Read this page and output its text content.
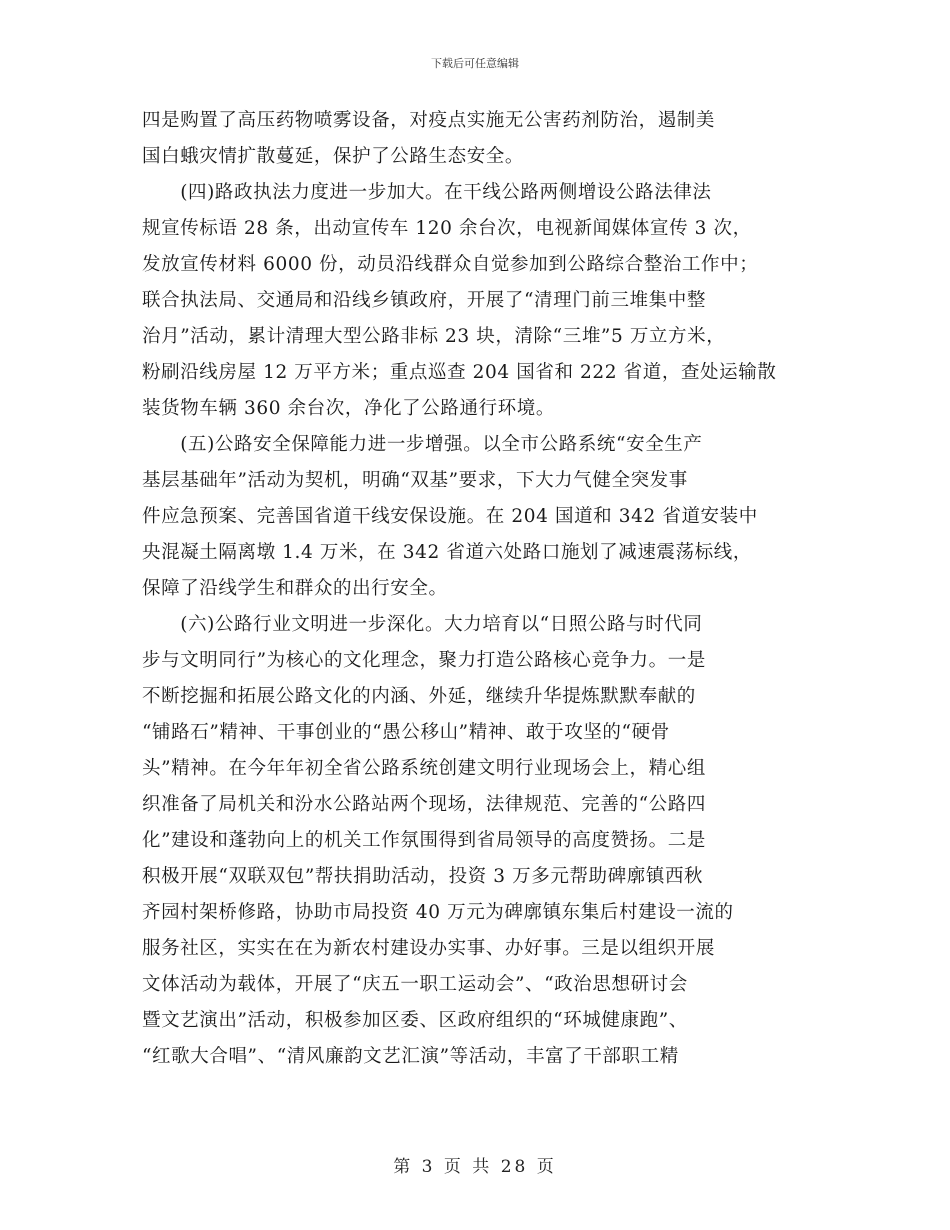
下载后可任意编辑
四是购置了高压药物喷雾设备，对疫点实施无公害药剂防治，遏制美
国白蛾灾情扩散蔓延，保护了公路生态安全。
　　(四)路政执法力度进一步加大。在干线公路两侧增设公路法律法
规宣传标语 28 条，出动宣传车 120 余台次，电视新闻媒体宣传 3 次，
发放宣传材料 6000 份，动员沿线群众自觉参加到公路综合整治工作中；
联合执法局、交通局和沿线乡镇政府，开展了“清理门前三堆集中整
治月”活动，累计清理大型公路非标 23 块，清除“三堆”5 万立方米，
粉刷沿线房屋 12 万平方米；重点巡查 204 国省和 222 省道，查处运输散
装货物车辆 360 余台次，净化了公路通行环境。
　　(五)公路安全保障能力进一步增强。以全市公路系统“安全生产
基层基础年”活动为契机，明确“双基”要求，下大力气健全突发事
件应急预案、完善国省道干线安保设施。在 204 国道和 342 省道安装中
央混凝土隔离墩 1.4 万米，在 342 省道六处路口施划了减速震荡标线，
保障了沿线学生和群众的出行安全。
　　(六)公路行业文明进一步深化。大力培育以“日照公路与时代同
步与文明同行”为核心的文化理念，聚力打造公路核心竞争力。一是
不断挖掘和拓展公路文化的内涵、外延，继续升华提炼默默奉献的
“铺路石”精神、干事创业的“愚公移山”精神、敢于攻坚的“硬骨
头”精神。在今年年初全省公路系统创建文明行业现场会上，精心组
织准备了局机关和汾水公路站两个现场，法律规范、完善的“公路四
化”建设和蓬勃向上的机关工作氛围得到省局领导的高度赞扬。二是
积极开展“双联双包”帮扶捐助活动，投资 3 万多元帮助碑廓镇西秋
齐园村架桥修路，协助市局投资 40 万元为碑廓镇东集后村建设一流的
服务社区，实实在在为新农村建设办实事、办好事。三是以组织开展
文体活动为载体，开展了“庆五一职工运动会”、“政治思想研讨会
暨文艺演出”活动，积极参加区委、区政府组织的“环城健康跑”、
“红歌大合唱”、“清风廉韵文艺汇演”等活动，丰富了干部职工精
第 3 页 共 28 页
